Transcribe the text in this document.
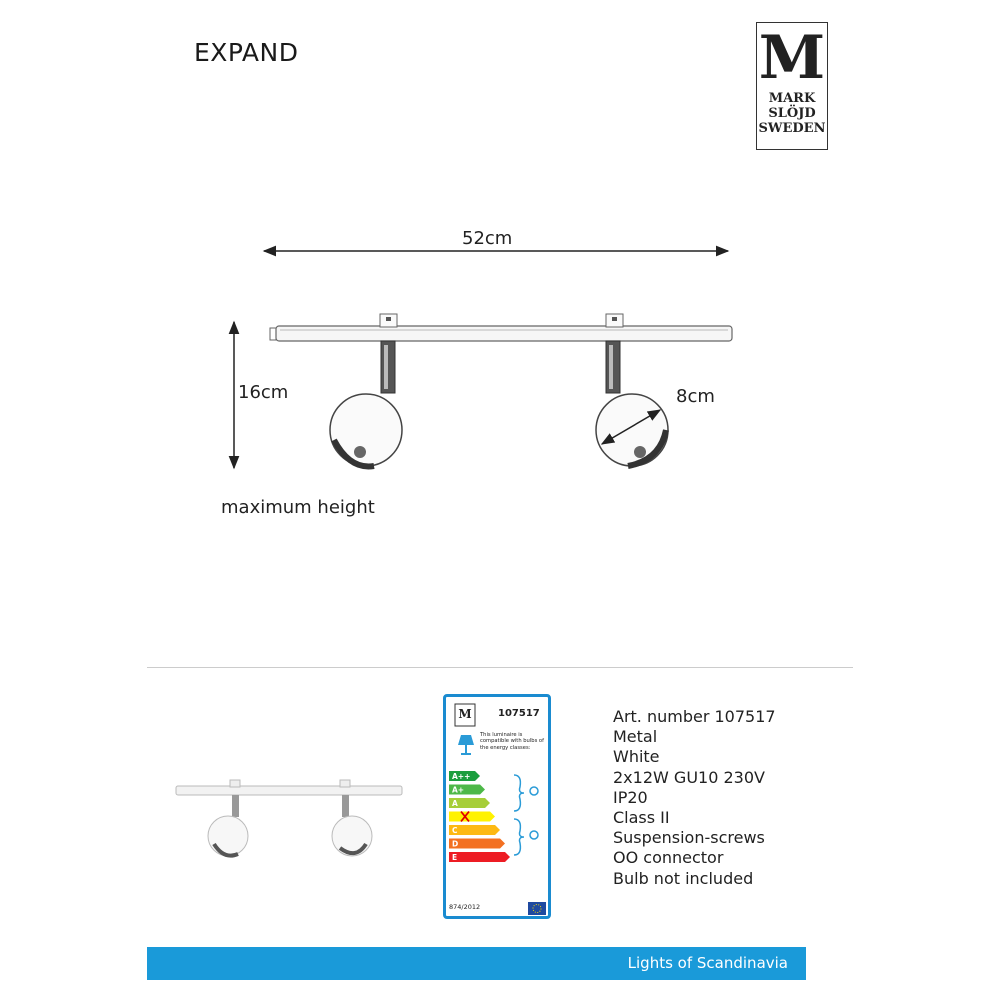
EXPAND	M
MARK
SLÖJD
SWEDEN
52cm
16cm	8cm
maximum height
M	107517
This luminaire is compatible with bulbs of the energy classes:
A++
A+
A
B
C
D
E
874/2012
Art. number 107517
Metal
White
2x12W GU10 230V
IP20
Class II
Suspension-screws
OO connector
Bulb not included
Lights of Scandinavia
